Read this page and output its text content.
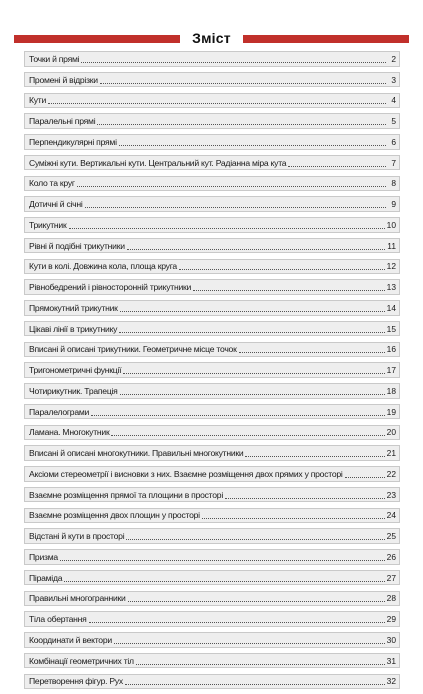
Зміст
Точки й прямі	2
Промені й відрізки	3
Кути	4
Паралельні прямі	5
Перпендикулярні прямі	6
Суміжні кути. Вертикальні кути. Центральний кут. Радіанна міра кута	7
Коло та круг	8
Дотичні й січні	9
Трикутник	10
Рівні й подібні трикутники	11
Кути в колі. Довжина кола, площа круга	12
Рівнобедрений і рівносторонній трикутники	13
Прямокутний трикутник	14
Цікаві лінії в трикутнику	15
Вписані й описані трикутники. Геометричне місце точок	16
Тригонометричні функції	17
Чотирикутник. Трапеція	18
Паралелограми	19
Ламана. Многокутник	20
Вписані й описані многокутники. Правильні многокутники	21
Аксіоми стереометрії і висновки з них. Взаємне розміщення двох прямих у просторі	22
Взаємне розміщення прямої та площини в просторі	23
Взаємне розміщення двох площин у просторі	24
Відстані й кути в просторі	25
Призма	26
Піраміда	27
Правильні многогранники	28
Тіла обертання	29
Координати й вектори	30
Комбінації геометричних тіл	31
Перетворення фігур. Рух	32
